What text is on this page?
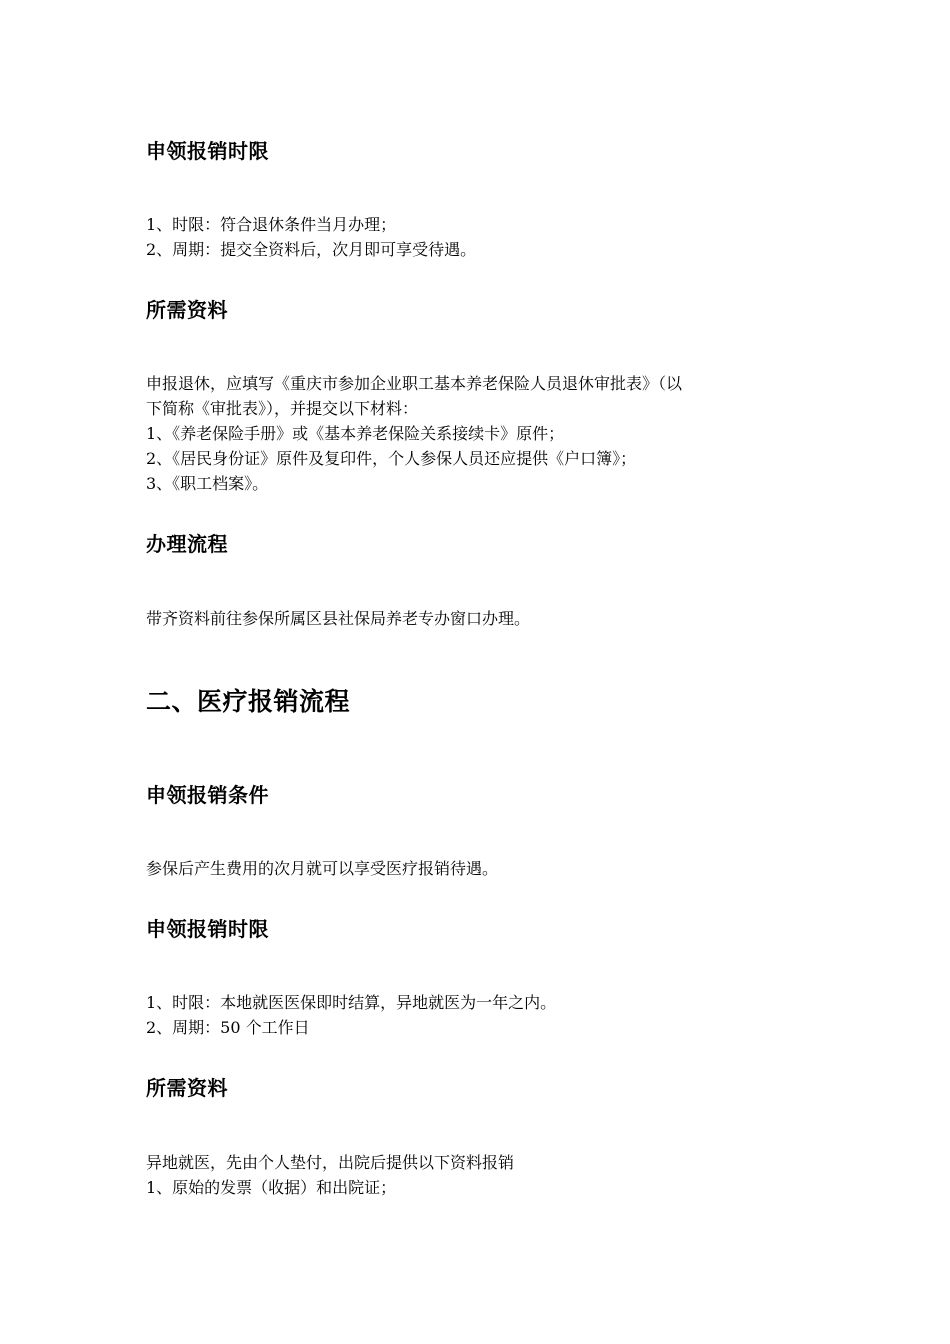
申领报销时限
1、时限：符合退休条件当月办理；
2、周期：提交全资料后，次月即可享受待遇。
所需资料
申报退休，应填写《重庆市参加企业职工基本养老保险人员退休审批表》（以
下简称《审批表》），并提交以下材料：
1、《养老保险手册》或《基本养老保险关系接续卡》原件；
2、《居民身份证》原件及复印件，个人参保人员还应提供《户口簿》；
3、《职工档案》。
办理流程
带齐资料前往参保所属区县社保局养老专办窗口办理。
二、医疗报销流程
申领报销条件
参保后产生费用的次月就可以享受医疗报销待遇。
申领报销时限
1、时限：本地就医医保即时结算，异地就医为一年之内。
2、周期：50 个工作日
所需资料
异地就医，先由个人垫付，出院后提供以下资料报销
1、原始的发票（收据）和出院证；
